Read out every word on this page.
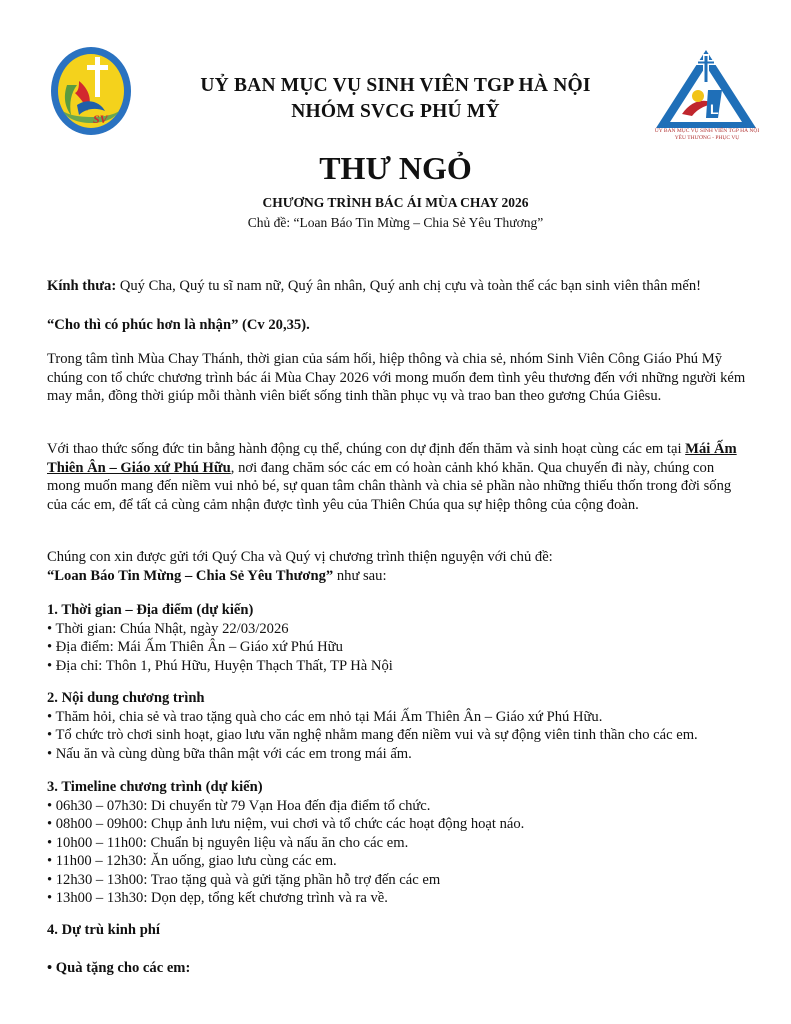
SV
L
ỦY BAN MỤC VỤ SINH VIÊN TGP HÀ NỘI
YÊU THƯƠNG - PHỤC VỤ
UỶ BAN MỤC VỤ SINH VIÊN TGP HÀ NỘI
NHÓM SVCG PHÚ MỸ
THƯ NGỎ
CHƯƠNG TRÌNH BÁC ÁI MÙA CHAY 2026
Chủ đề: “Loan Báo Tin Mừng – Chia Sẻ Yêu Thương”
Kính thưa: Quý Cha, Quý tu sĩ nam nữ, Quý ân nhân, Quý anh chị cựu và toàn thể các bạn sinh viên thân mến!
“Cho thì có phúc hơn là nhận” (Cv 20,35).
Trong tâm tình Mùa Chay Thánh, thời gian của sám hối, hiệp thông và chia sẻ, nhóm Sinh Viên Công Giáo Phú Mỹ chúng con tổ chức chương trình bác ái Mùa Chay 2026 với mong muốn đem tình yêu thương đến với những người kém may mắn, đồng thời giúp mỗi thành viên biết sống tinh thần phục vụ và trao ban theo gương Chúa Giêsu.
Với thao thức sống đức tin bằng hành động cụ thể, chúng con dự định đến thăm và sinh hoạt cùng các em tại Mái Ấm Thiên Ân – Giáo xứ Phú Hữu, nơi đang chăm sóc các em có hoàn cảnh khó khăn. Qua chuyến đi này, chúng con mong muốn mang đến niềm vui nhỏ bé, sự quan tâm chân thành và chia sẻ phần nào những thiếu thốn trong đời sống của các em, để tất cả cùng cảm nhận được tình yêu của Thiên Chúa qua sự hiệp thông của cộng đoàn.
Chúng con xin được gửi tới Quý Cha và Quý vị chương trình thiện nguyện với chủ đề:
“Loan Báo Tin Mừng – Chia Sẻ Yêu Thương” như sau:
1. Thời gian – Địa điểm (dự kiến)
• Thời gian: Chúa Nhật, ngày 22/03/2026
• Địa điểm: Mái Ấm Thiên Ân – Giáo xứ Phú Hữu
• Địa chỉ: Thôn 1, Phú Hữu, Huyện Thạch Thất, TP Hà Nội
2. Nội dung chương trình
• Thăm hỏi, chia sẻ và trao tặng quà cho các em nhỏ tại Mái Ấm Thiên Ân – Giáo xứ Phú Hữu.
• Tổ chức trò chơi sinh hoạt, giao lưu văn nghệ nhằm mang đến niềm vui và sự động viên tinh thần cho các em.
• Nấu ăn và cùng dùng bữa thân mật với các em trong mái ấm.
3. Timeline chương trình (dự kiến)
• 06h30 – 07h30: Di chuyển từ 79 Vạn Hoa đến địa điểm tổ chức.
• 08h00 – 09h00: Chụp ảnh lưu niệm, vui chơi và tổ chức các hoạt động hoạt náo.
• 10h00 – 11h00: Chuẩn bị nguyên liệu và nấu ăn cho các em.
• 11h00 – 12h30: Ăn uống, giao lưu cùng các em.
• 12h30 – 13h00: Trao tặng quà và gửi tặng phần hỗ trợ đến các em
• 13h00 – 13h30: Dọn dẹp, tổng kết chương trình và ra về.
4. Dự trù kinh phí
• Quà tặng cho các em:
